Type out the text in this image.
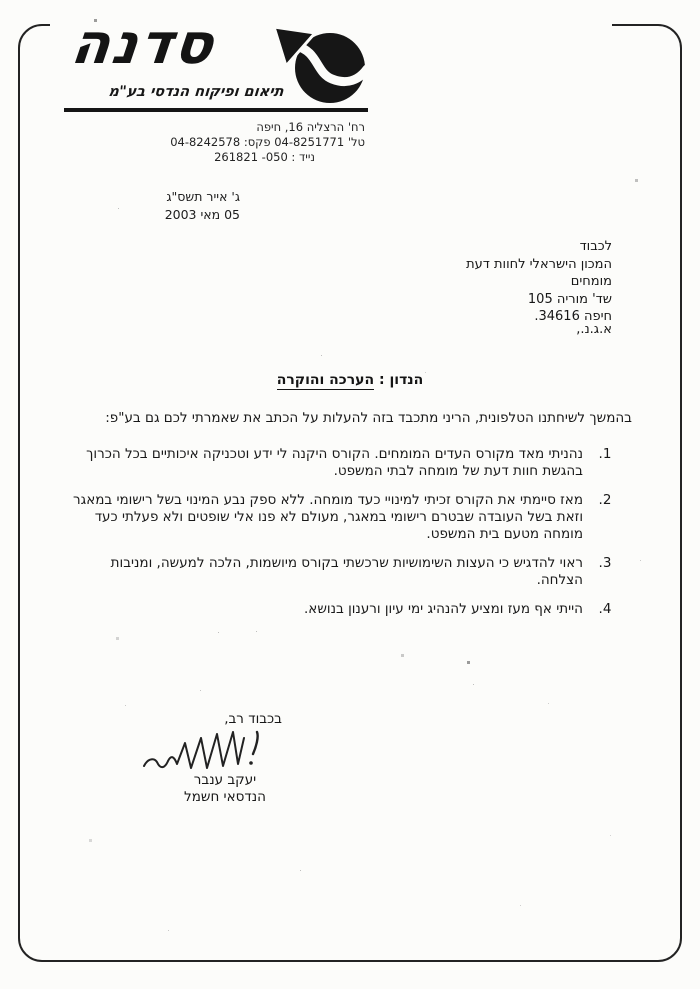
סדנה
תיאום ופיקוח הנדסי בע"מ
רח' הרצליה 16, חיפה
טל' 04-8251771 פקס: 04-8242578
נייד : 050- 261821
ג' אייר תשס"ג
05 מאי 2003
לכבוד
המכון הישראלי לחוות דעת מומחים
שד' מוריה 105
חיפה 34616.
א.ג.נ.,
הנדון : הערכה והוקרה
בהמשך לשיחתנו הטלפונית, הריני מתכבד בזה להעלות על הכתב את שאמרתי לכם גם בע"פ:
1.
נהניתי מאד מקורס העדים המומחים. הקורס היקנה לי ידע וטכניקה איכותיים בכל הכרוך בהגשת חוות דעת של מומחה לבתי המשפט.
2.
מאז סיימתי את הקורס זכיתי למינויי כעד מומחה. ללא ספק נבע המינוי בשל רישומי במאגר וזאת בשל העובדה שבטרם רישומי במאגר, מעולם לא פנו אלי שופטים ולא פעלתי כעד מומחה מטעם בית המשפט.
3.
ראוי להדגיש כי העצות השימושיות שרכשתי בקורס מיושמות, הלכה למעשה, ומניבות הצלחה.
4.
הייתי אף מעז ומציע להנהיג ימי עיון ורענון בנושא.
בכבוד רב,
יעקב ענבר
הנדסאי חשמל
